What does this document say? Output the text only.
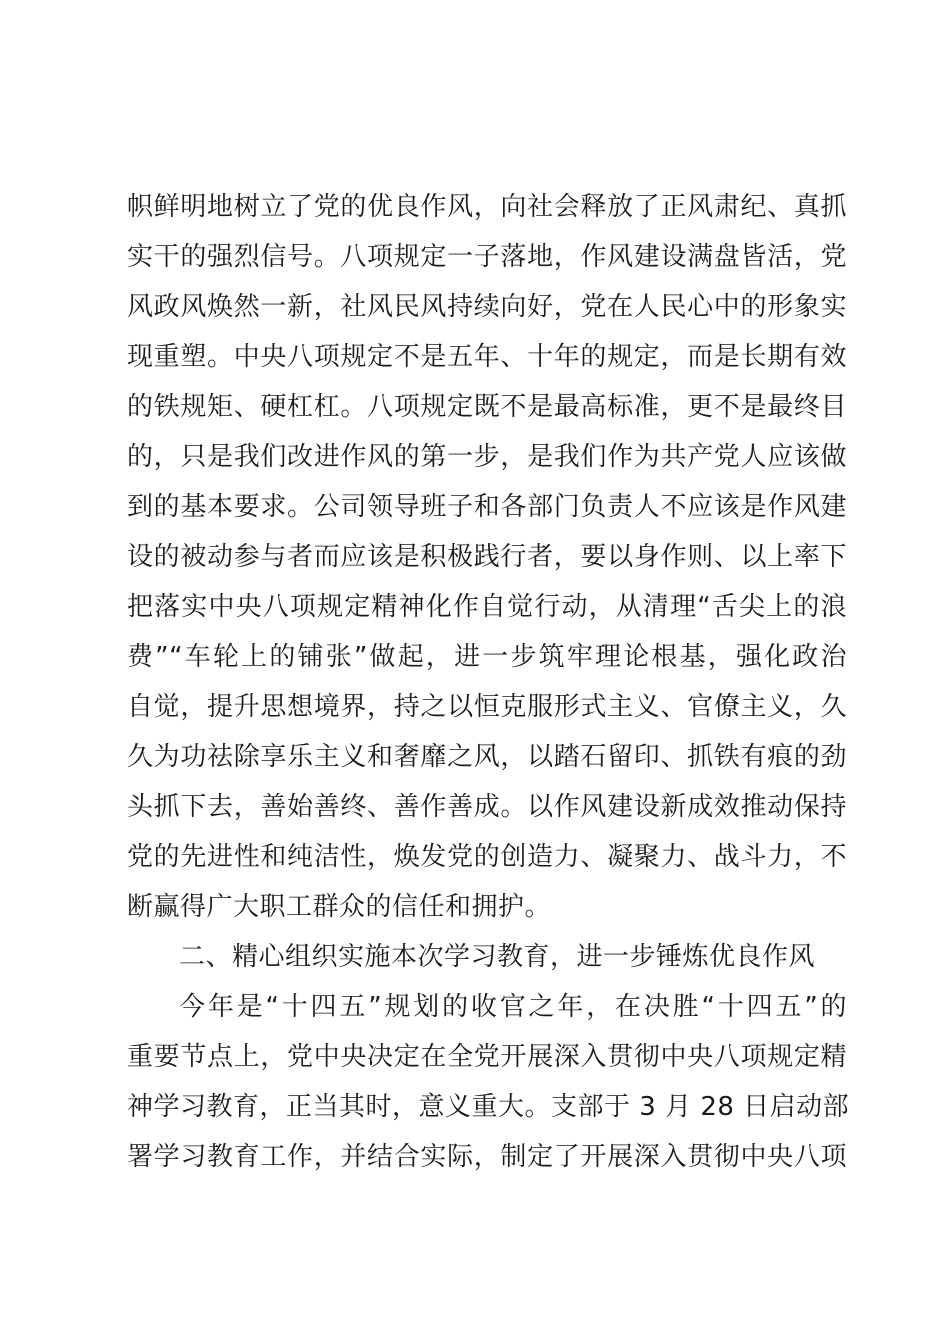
帜鲜明地树立了党的优良作风，向社会释放了正风肃纪、真抓
实干的强烈信号。八项规定一子落地，作风建设满盘皆活，党
风政风焕然一新，社风民风持续向好，党在人民心中的形象实
现重塑。中央八项规定不是五年、十年的规定，而是长期有效
的铁规矩、硬杠杠。八项规定既不是最高标准，更不是最终目
的，只是我们改进作风的第一步，是我们作为共产党人应该做
到的基本要求。公司领导班子和各部门负责人不应该是作风建
设的被动参与者而应该是积极践行者，要以身作则、以上率下
把落实中央八项规定精神化作自觉行动，从清理“舌尖上的浪
费”“车轮上的铺张”做起，进一步筑牢理论根基，强化政治
自觉，提升思想境界，持之以恒克服形式主义、官僚主义，久
久为功祛除享乐主义和奢靡之风，以踏石留印、抓铁有痕的劲
头抓下去，善始善终、善作善成。以作风建设新成效推动保持
党的先进性和纯洁性，焕发党的创造力、凝聚力、战斗力，不
断赢得广大职工群众的信任和拥护。
二、精心组织实施本次学习教育，进一步锤炼优良作风
今年是“十四五”规划的收官之年，在决胜“十四五”的
重要节点上，党中央决定在全党开展深入贯彻中央八项规定精
神学习教育，正当其时，意义重大。支部于 3 月 28 日启动部
署学习教育工作，并结合实际，制定了开展深入贯彻中央八项
